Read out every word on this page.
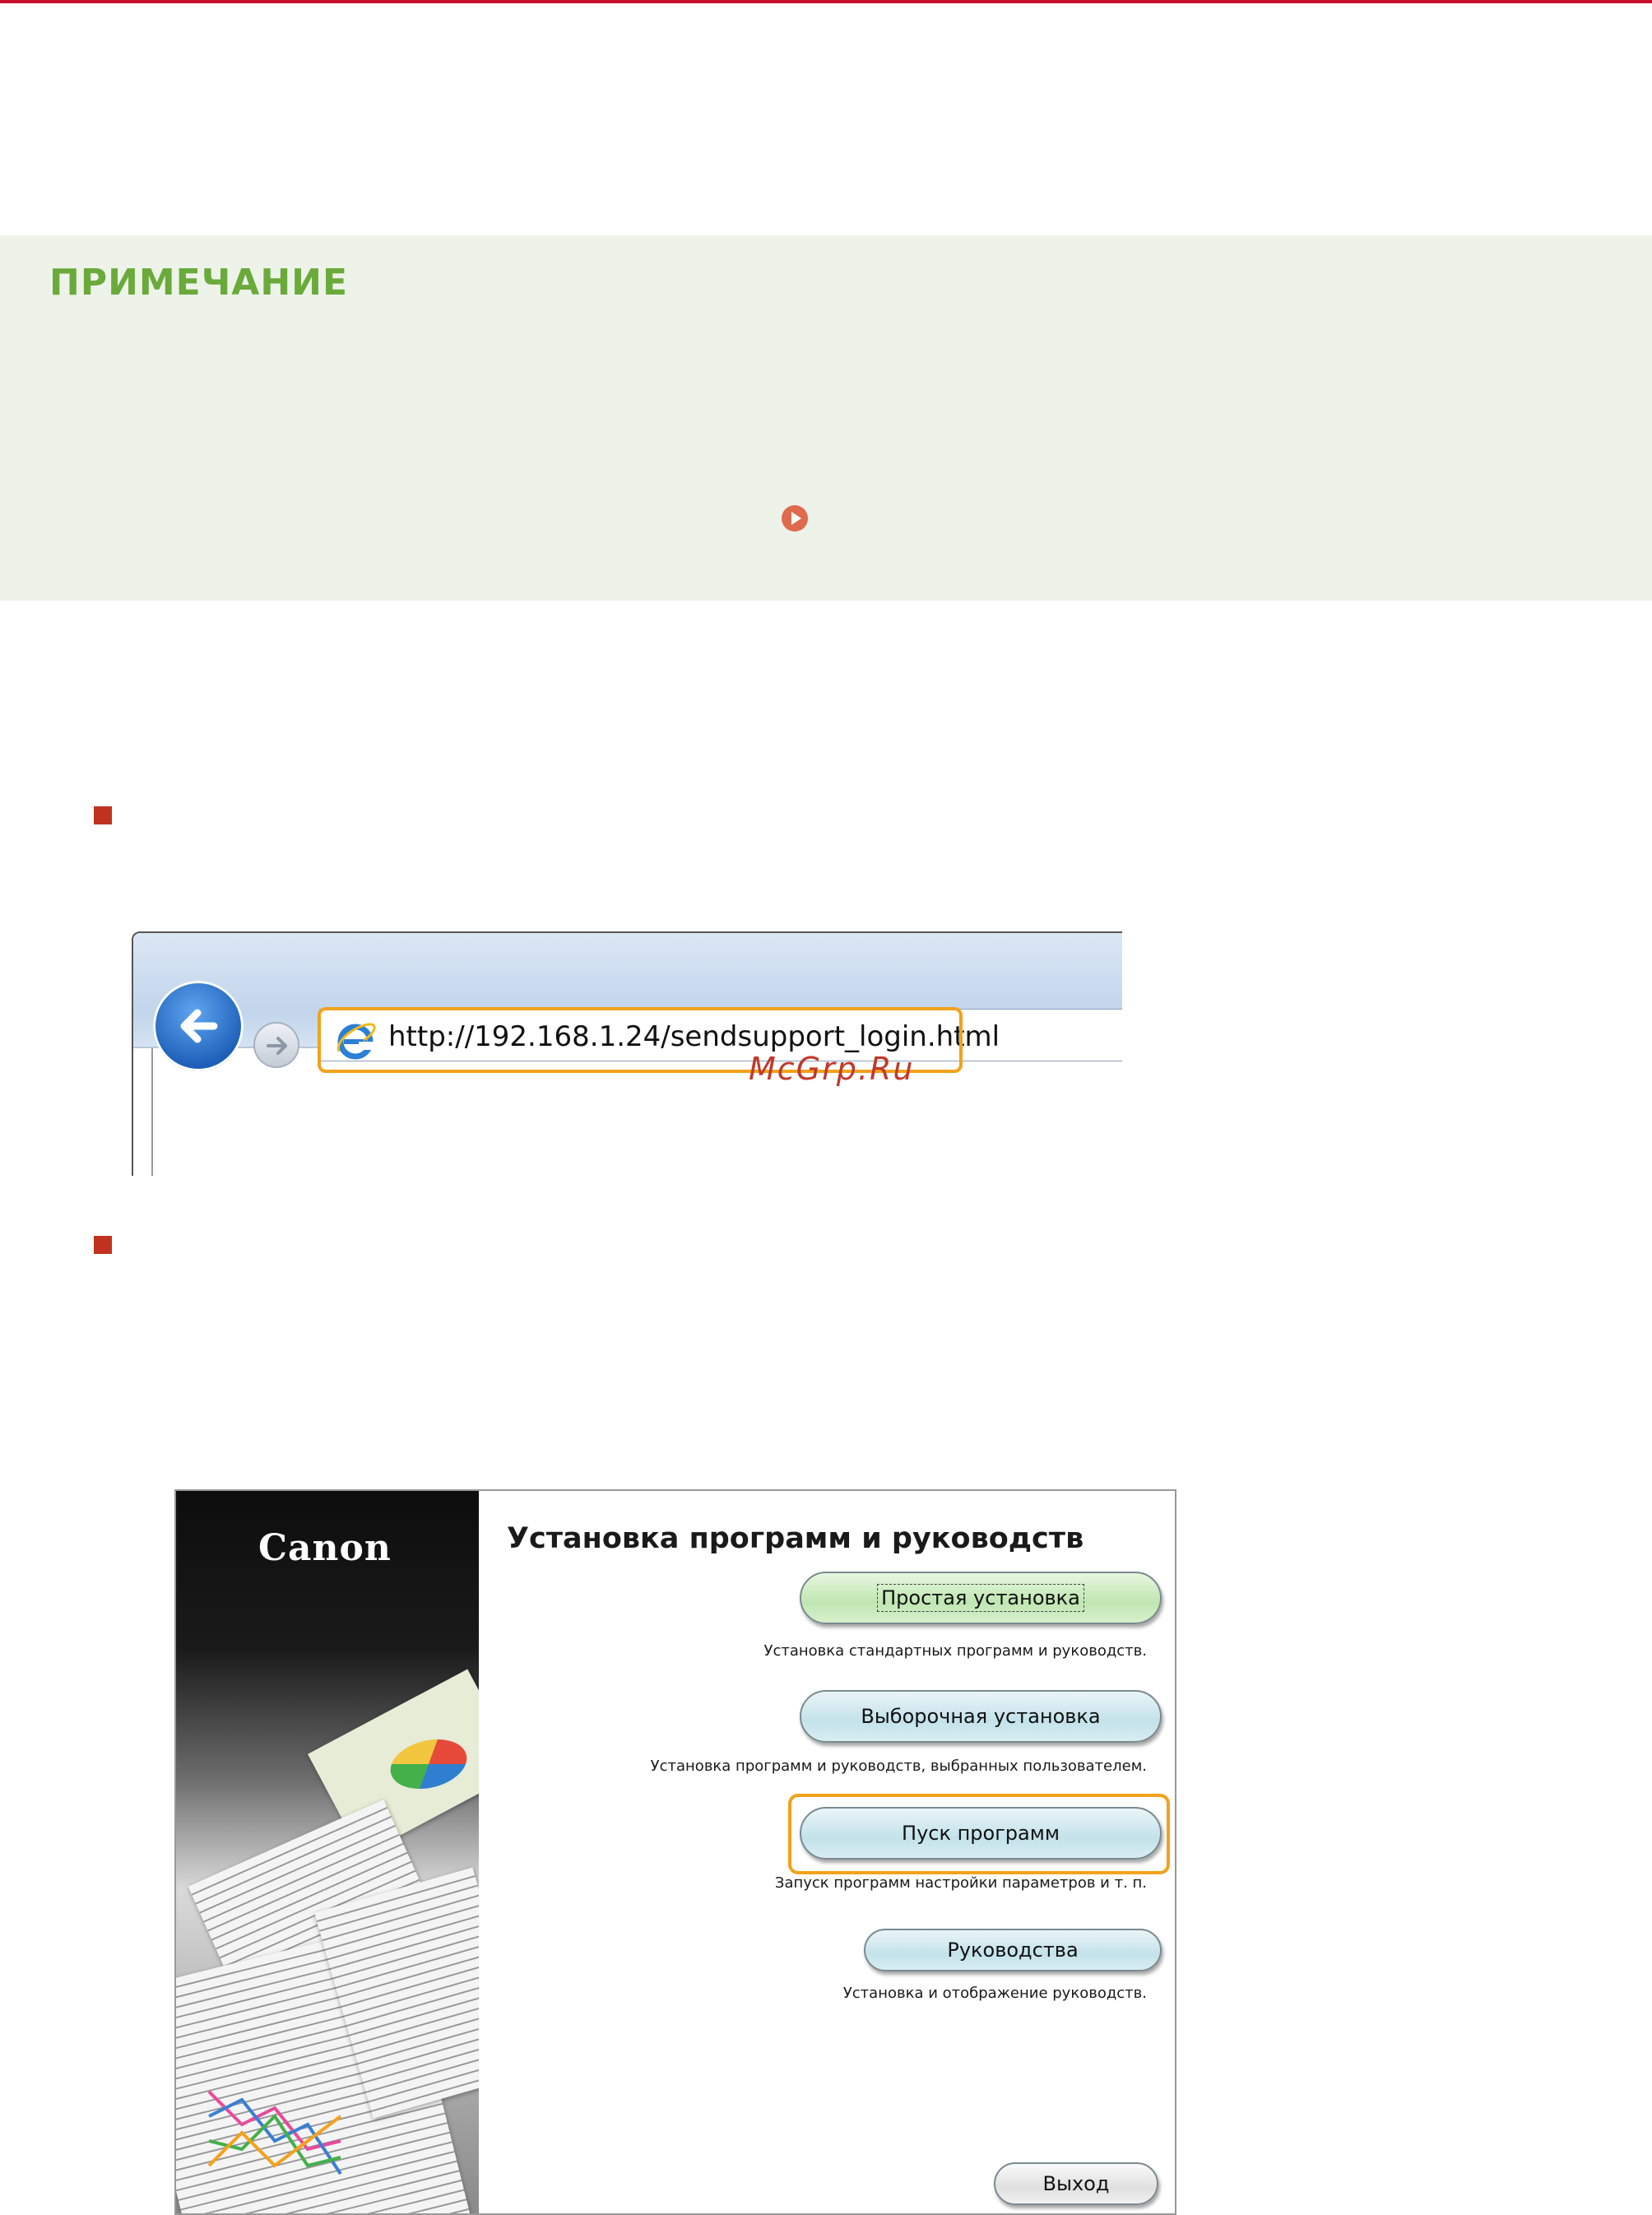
ПРИМЕЧАНИЕ
http://192.168.1.24/sendsupport_login.html
McGrp.Ru
Canon	Установка программ и руководств
Простая установка
Установка стандартных программ и руководств.
Выборочная установка
Установка программ и руководств, выбранных пользователем.
Пуск программ
Запуск программ настройки параметров и т. п.
Руководства
Установка и отображение руководств.
Выход
